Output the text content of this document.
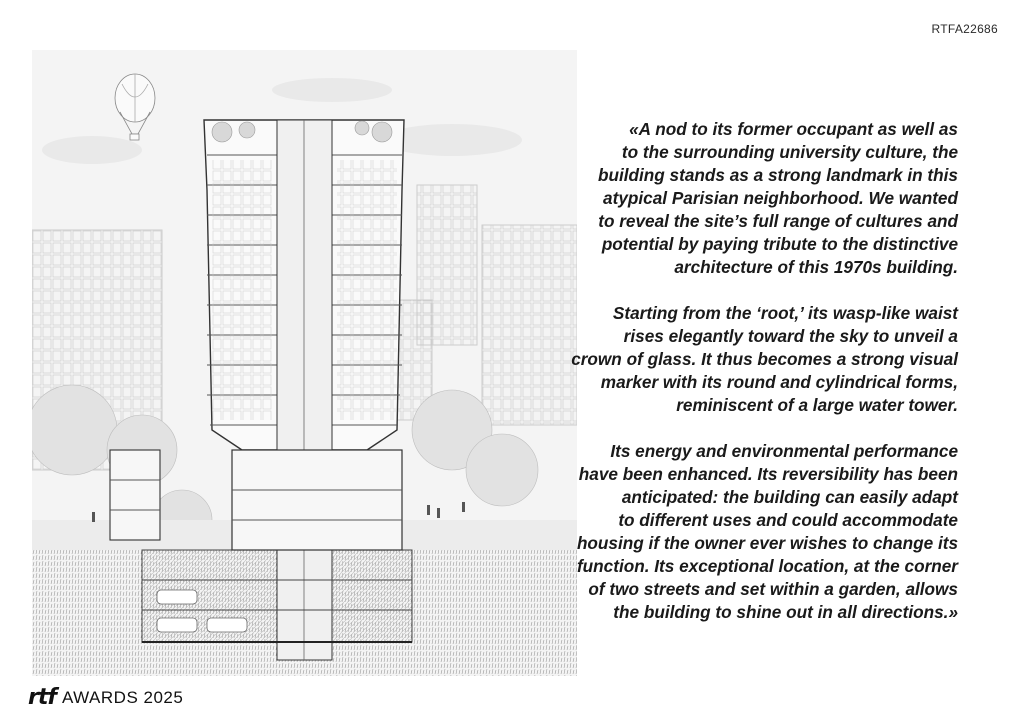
RTFA22686

«A nod to its former occupant as well as
to the surrounding university culture, the
building stands as a strong landmark in this
atypical Parisian neighborhood. We wanted
to reveal the site’s full range of cultures and
potential by paying tribute to the distinctive
architecture of this 1970s building.

Starting from the ‘root,’ its wasp-like waist
rises elegantly toward the sky to unveil a
crown of glass. It thus becomes a strong visual
marker with its round and cylindrical forms,
reminiscent of a large water tower.

Its energy and environmental performance
have been enhanced. Its reversibility has been
anticipated: the building can easily adapt
to different uses and could accommodate
housing if the owner ever wishes to change its
function. Its exceptional location, at the corner
of two streets and set within a garden, allows
the building to shine out in all directions.»

rtf AWARDS 2025
